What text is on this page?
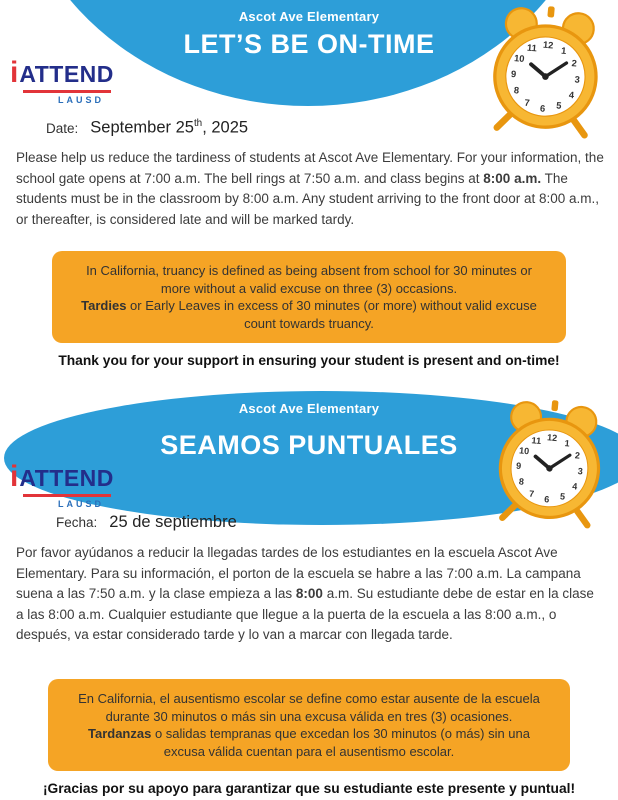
Ascot Ave Elementary
LET’S BE ON-TIME
i ATTEND
LAUSD
Date: September 25th, 2025

Please help us reduce the tardiness of students at Ascot Ave Elementary. For your information, the school gate opens at 7:00 a.m. The bell rings at 7:50 a.m. and class begins at 8:00 a.m. The students must be in the classroom by 8:00 a.m. Any student arriving to the front door at 8:00 a.m., or thereafter, is considered late and will be marked tardy.

In California, truancy is defined as being absent from school for 30 minutes or more without a valid excuse on three (3) occasions.
Tardies or Early Leaves in excess of 30 minutes (or more) without valid excuse count towards truancy.

Thank you for your support in ensuring your student is present and on-time!

Ascot Ave Elementary
SEAMOS PUNTUALES
i ATTEND
LAUSD
Fecha: 25 de septiembre

Por favor ayúdanos a reducir la llegadas tardes de los estudiantes en la escuela Ascot Ave Elementary. Para su información, el porton de la escuela se habre a las 7:00 a.m. La campana suena a las 7:50 a.m. y la clase empieza a las 8:00 a.m. Su estudiante debe de estar en la clase a las 8:00 a.m. Cualquier estudiante que llegue a la puerta de la escuela a las 8:00 a.m., o después, va estar considerado tarde y lo van a marcar con llegada tarde.

En California, el ausentismo escolar se define como estar ausente de la escuela durante 30 minutos o más sin una excusa válida en tres (3) ocasiones.
Tardanzas o salidas tempranas que excedan los 30 minutos (o más) sin una excusa válida cuentan para el ausentismo escolar.

¡Gracias por su apoyo para garantizar que su estudiante este presente y puntual!
